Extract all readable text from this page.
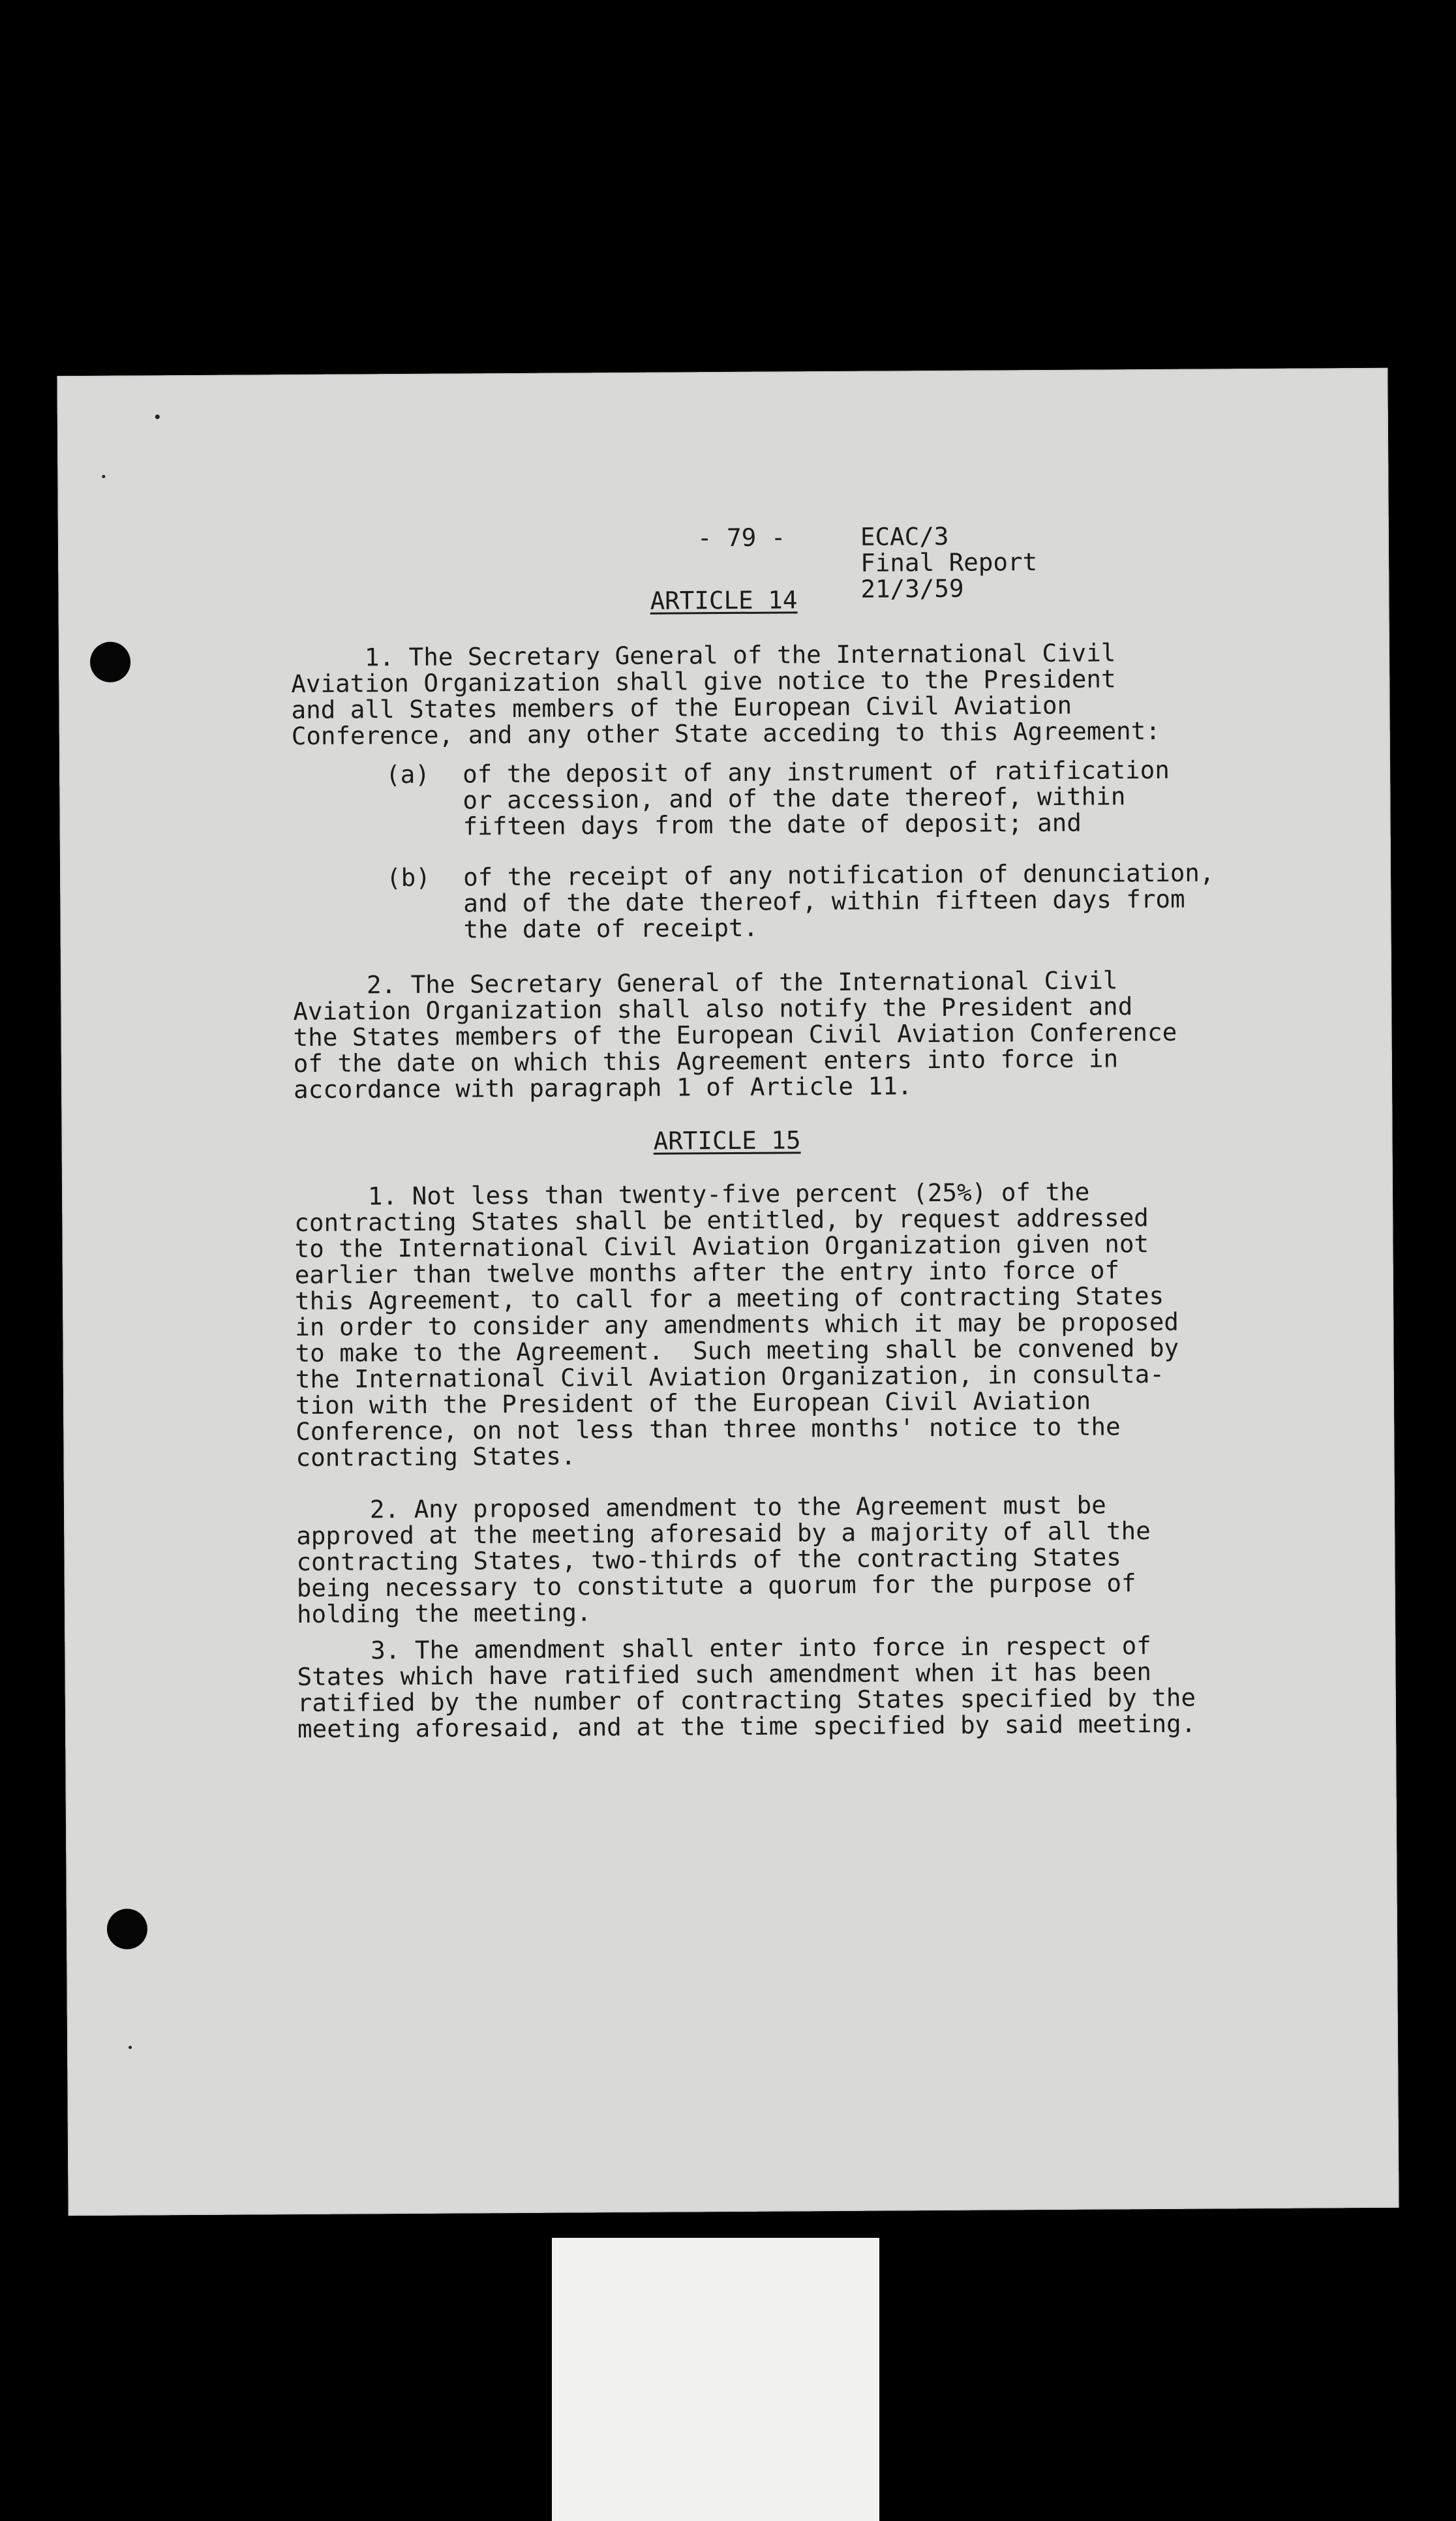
- 79 -	ECAC/3
Final Report
21/3/59

ARTICLE 14
1. The Secretary General of the International Civil
Aviation Organization shall give notice to the President
and all States members of the European Civil Aviation
Conference, and any other State acceding to this Agreement:
(a)	of the deposit of any instrument of ratification
or accession, and of the date thereof, within
fifteen days from the date of deposit; and
(b)	of the receipt of any notification of denunciation,
and of the date thereof, within fifteen days from
the date of receipt.
2. The Secretary General of the International Civil
Aviation Organization shall also notify the President and
the States members of the European Civil Aviation Conference
of the date on which this Agreement enters into force in
accordance with paragraph 1 of Article 11.
ARTICLE 15
1. Not less than twenty-five percent (25%) of the
contracting States shall be entitled, by request addressed
to the International Civil Aviation Organization given not
earlier than twelve months after the entry into force of
this Agreement, to call for a meeting of contracting States
in order to consider any amendments which it may be proposed
to make to the Agreement.  Such meeting shall be convened by
the International Civil Aviation Organization, in consulta-
tion with the President of the European Civil Aviation
Conference, on not less than three months' notice to the
contracting States.
2. Any proposed amendment to the Agreement must be
approved at the meeting aforesaid by a majority of all the
contracting States, two-thirds of the contracting States
being necessary to constitute a quorum for the purpose of
holding the meeting.
3. The amendment shall enter into force in respect of
States which have ratified such amendment when it has been
ratified by the number of contracting States specified by the
meeting aforesaid, and at the time specified by said meeting.
